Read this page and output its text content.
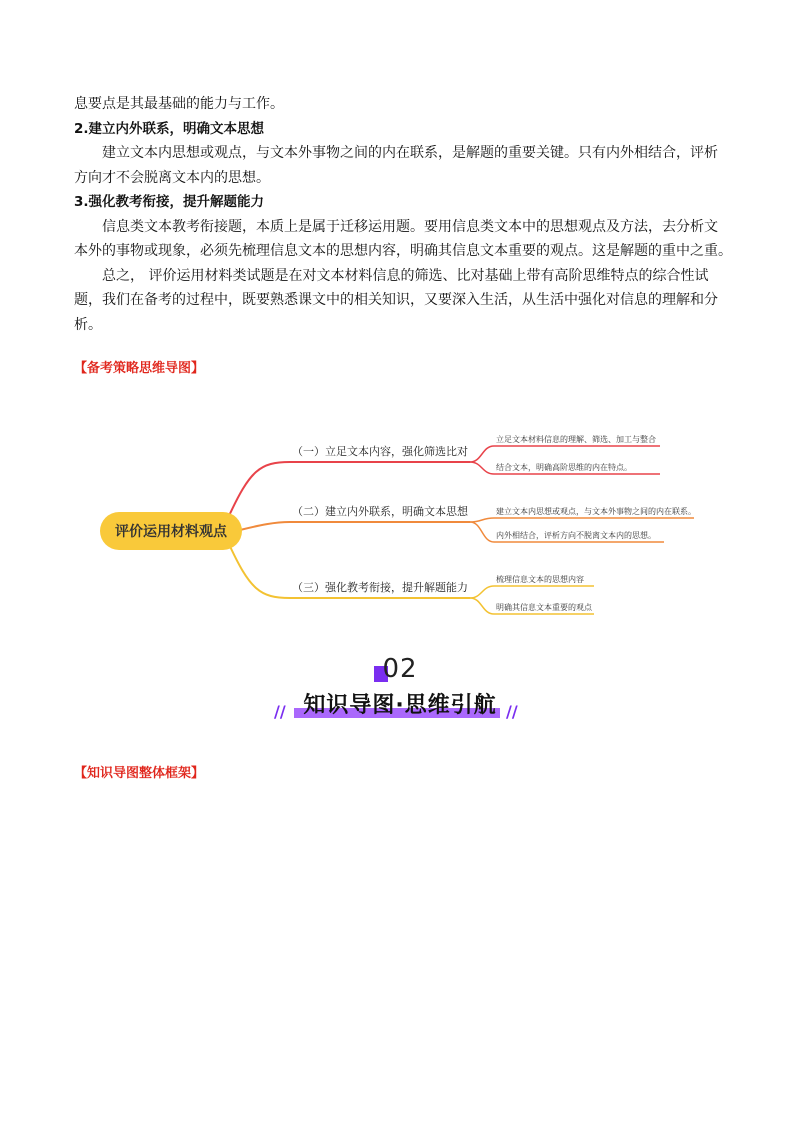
息要点是其最基础的能力与工作。

2.建立内外联系，明确文本思想

建立文本内思想或观点，与文本外事物之间的内在联系，是解题的重要关键。只有内外相结合，评析

方向才不会脱离文本内的思想。

3.强化教考衔接，提升解题能力

信息类文本教考衔接题，本质上是属于迁移运用题。要用信息类文本中的思想观点及方法，去分析文

本外的事物或现象，必须先梳理信息文本的思想内容，明确其信息文本重要的观点。这是解题的重中之重。

总之， 评价运用材料类试题是在对文本材料信息的筛选、比对基础上带有高阶思维特点的综合性试

题，我们在备考的过程中，既要熟悉课文中的相关知识，又要深入生活，从生活中强化对信息的理解和分

析。

【备考策略思维导图】
评价运用材料观点
（一）立足文本内容，强化筛选比对
（二）建立内外联系，明确文本思想
（三）强化教考衔接，提升解题能力
立足文本材料信息的理解、筛选、加工与整合
结合文本，明确高阶思维的内在特点。
建立文本内思想或观点，与文本外事物之间的内在联系。
内外相结合，评析方向不脱离文本内的思想。
梳理信息文本的思想内容
明确其信息文本重要的观点
02
知识导图·思维引航
//	//
【知识导图整体框架】
